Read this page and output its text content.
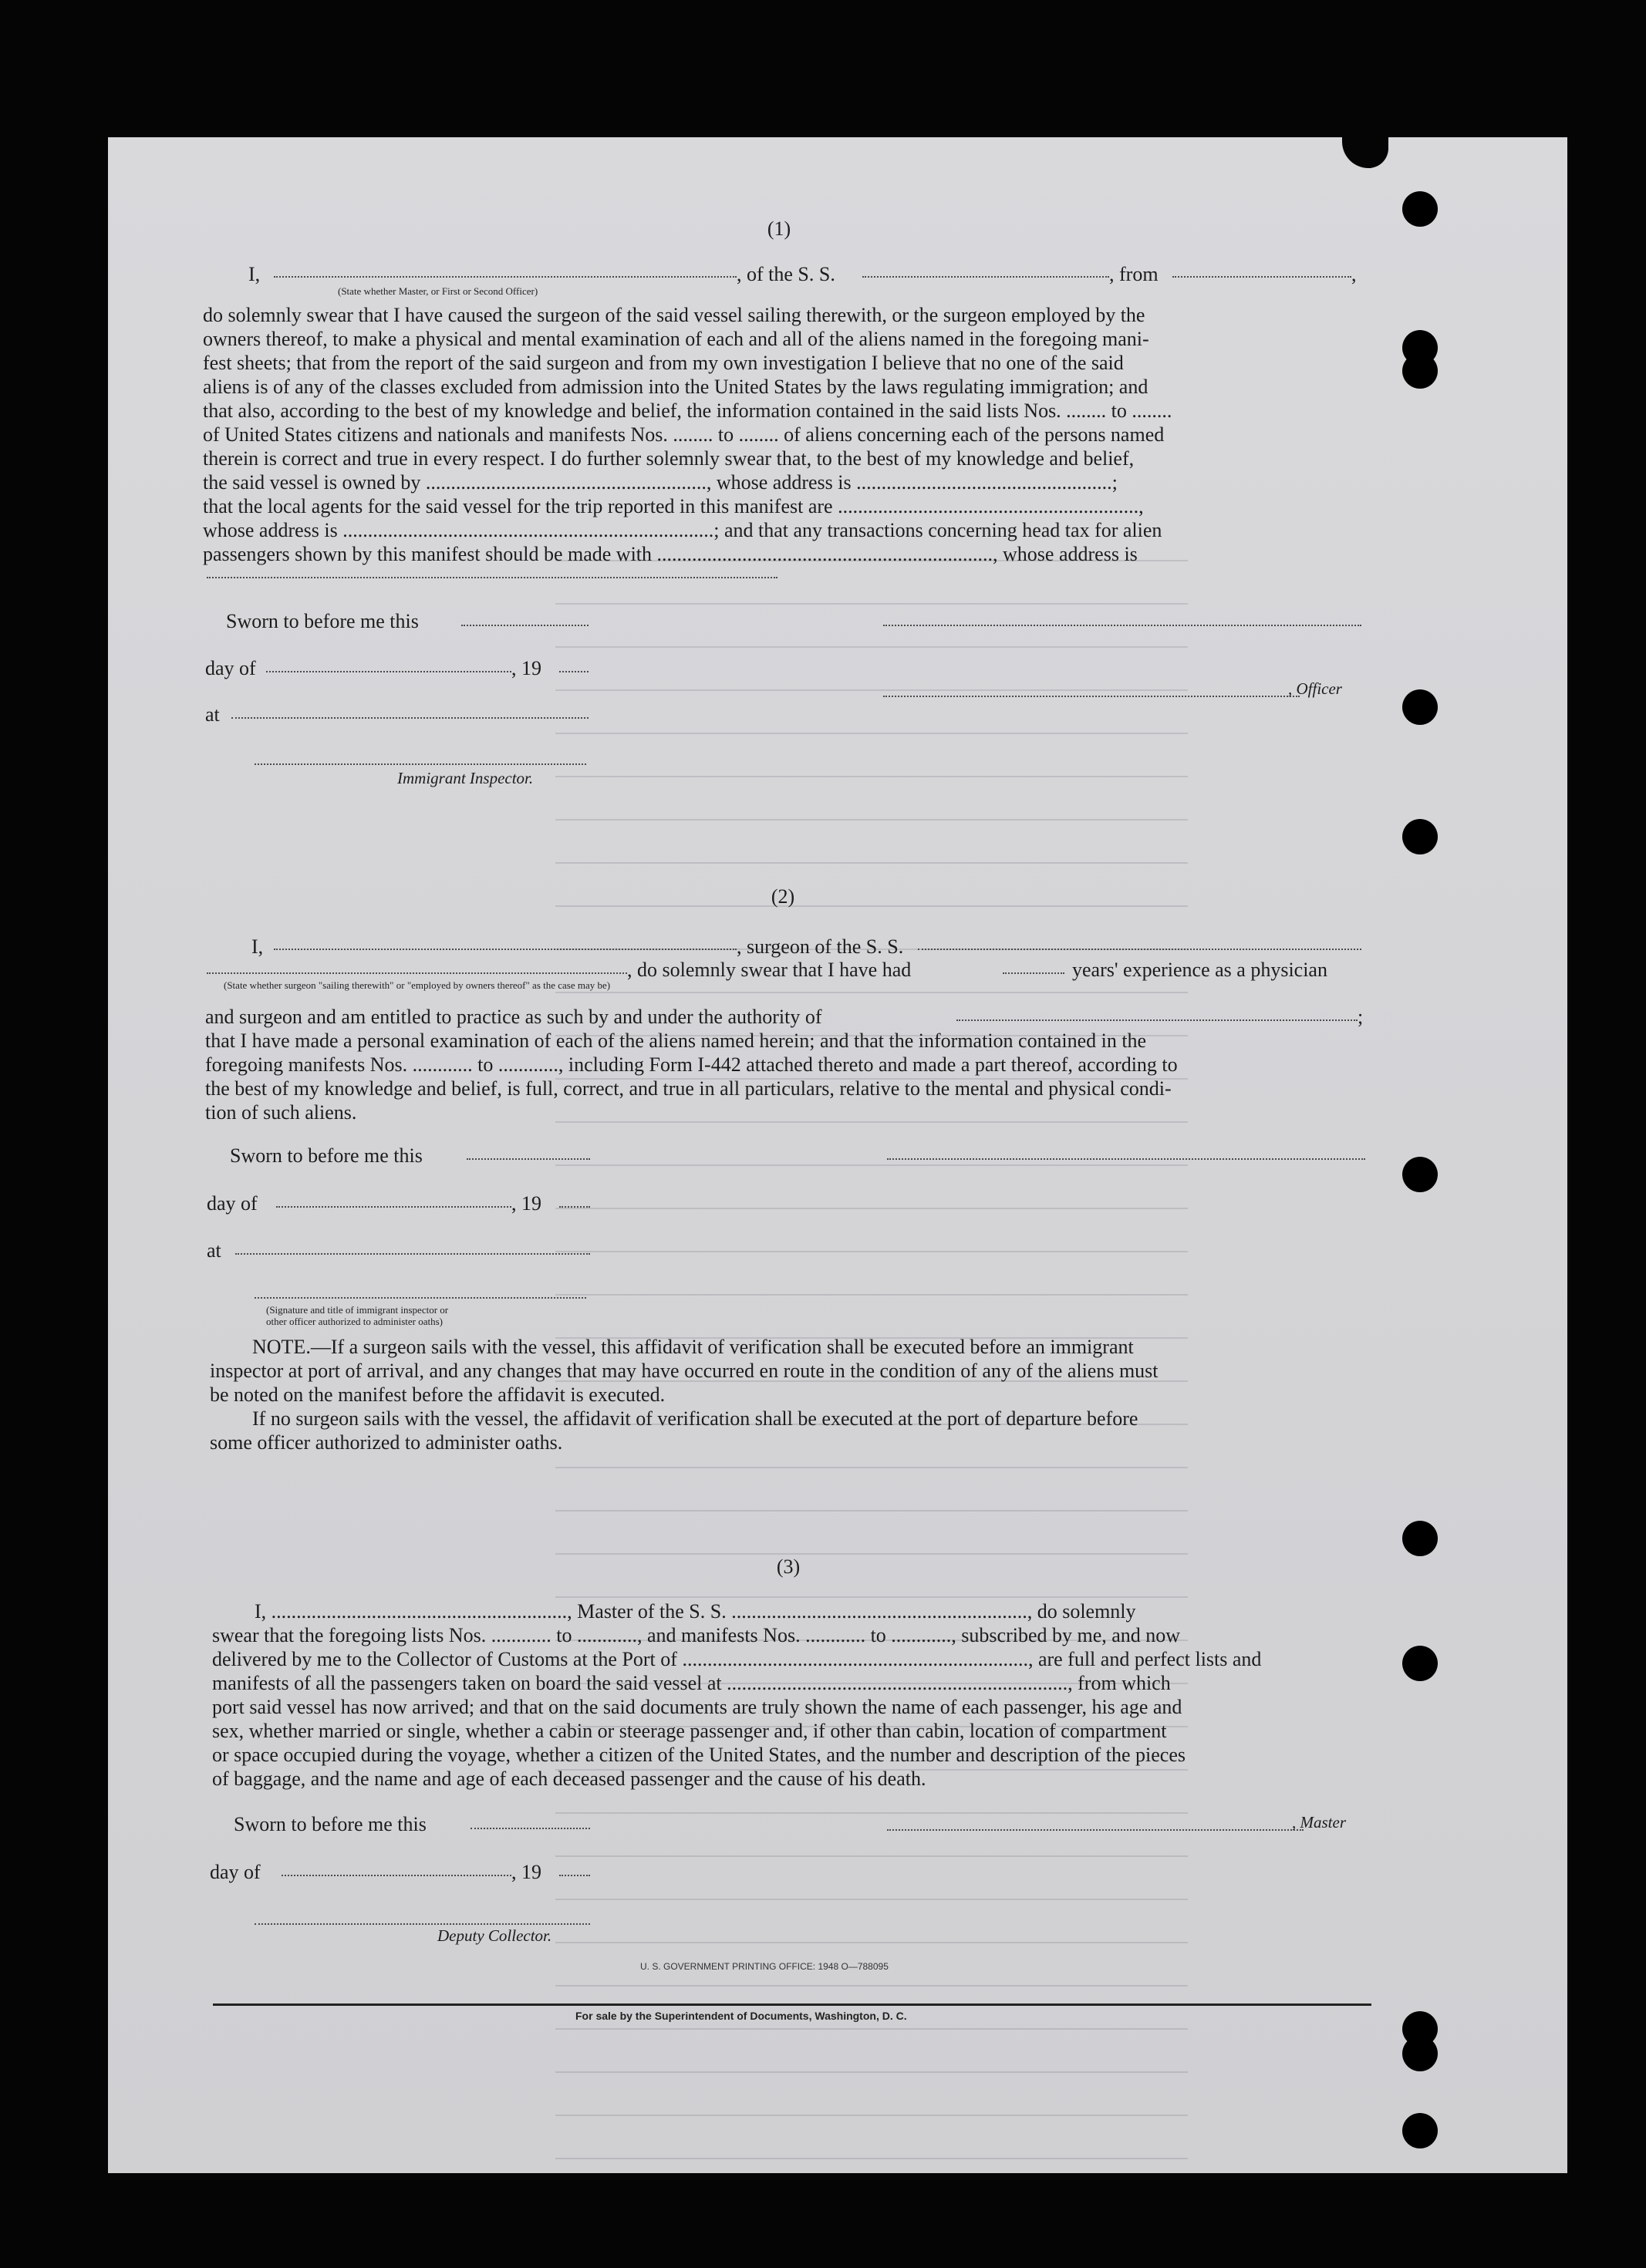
(1)
I,	, of the S. S.	, from	,
(State whether Master, or First or Second Officer)
do solemnly swear that I have caused the surgeon of the said vessel sailing therewith, or the surgeon employed by the
owners thereof, to make a physical and mental examination of each and all of the aliens named in the foregoing mani-
fest sheets; that from the report of the said surgeon and from my own investigation I believe that no one of the said
aliens is of any of the classes excluded from admission into the United States by the laws regulating immigration; and
that also, according to the best of my knowledge and belief, the information contained in the said lists Nos. ........ to ........
of United States citizens and nationals and manifests Nos. ........ to ........ of aliens concerning each of the persons named
therein is correct and true in every respect. I do further solemnly swear that, to the best of my knowledge and belief,
the said vessel is owned by ........................................................, whose address is ...................................................;
that the local agents for the said vessel for the trip reported in this manifest are ............................................................,
whose address is ..........................................................................; and that any transactions concerning head tax for alien
passengers shown by this manifest should be made with ..................................................................., whose address is
Sworn to before me this
day of	, 19
, Officer
at
Immigrant Inspector.
(2)
I,	, surgeon of the S. S.
, do solemnly swear that I have had	years' experience as a physician
(State whether surgeon "sailing therewith" or "employed by owners thereof" as the case may be)
and surgeon and am entitled to practice as such by and under the authority of	;
that I have made a personal examination of each of the aliens named herein; and that the information contained in the
foregoing manifests Nos. ............ to ............, including Form I-442 attached thereto and made a part thereof, according to
the best of my knowledge and belief, is full, correct, and true in all particulars, relative to the mental and physical condi-
tion of such aliens.
Sworn to before me this
day of	, 19
at
(Signature and title of immigrant inspector or
other officer authorized to administer oaths)
NOTE.—If a surgeon sails with the vessel, this affidavit of verification shall be executed before an immigrant
inspector at port of arrival, and any changes that may have occurred en route in the condition of any of the aliens must
be noted on the manifest before the affidavit is executed.
If no surgeon sails with the vessel, the affidavit of verification shall be executed at the port of departure before
some officer authorized to administer oaths.
(3)
I, ..........................................................., Master of the S. S. ..........................................................., do solemnly
swear that the foregoing lists Nos. ............ to ............, and manifests Nos. ............ to ............, subscribed by me, and now
delivered by me to the Collector of Customs at the Port of ....................................................................., are full and perfect lists and
manifests of all the passengers taken on board the said vessel at ...................................................................., from which
port said vessel has now arrived; and that on the said documents are truly shown the name of each passenger, his age and
sex, whether married or single, whether a cabin or steerage passenger and, if other than cabin, location of compartment
or space occupied during the voyage, whether a citizen of the United States, and the number and description of the pieces
of baggage, and the name and age of each deceased passenger and the cause of his death.
Sworn to before me this	, Master
day of	, 19
Deputy Collector.
U. S. GOVERNMENT PRINTING OFFICE: 1948 O—788095
For sale by the Superintendent of Documents, Washington, D. C.
